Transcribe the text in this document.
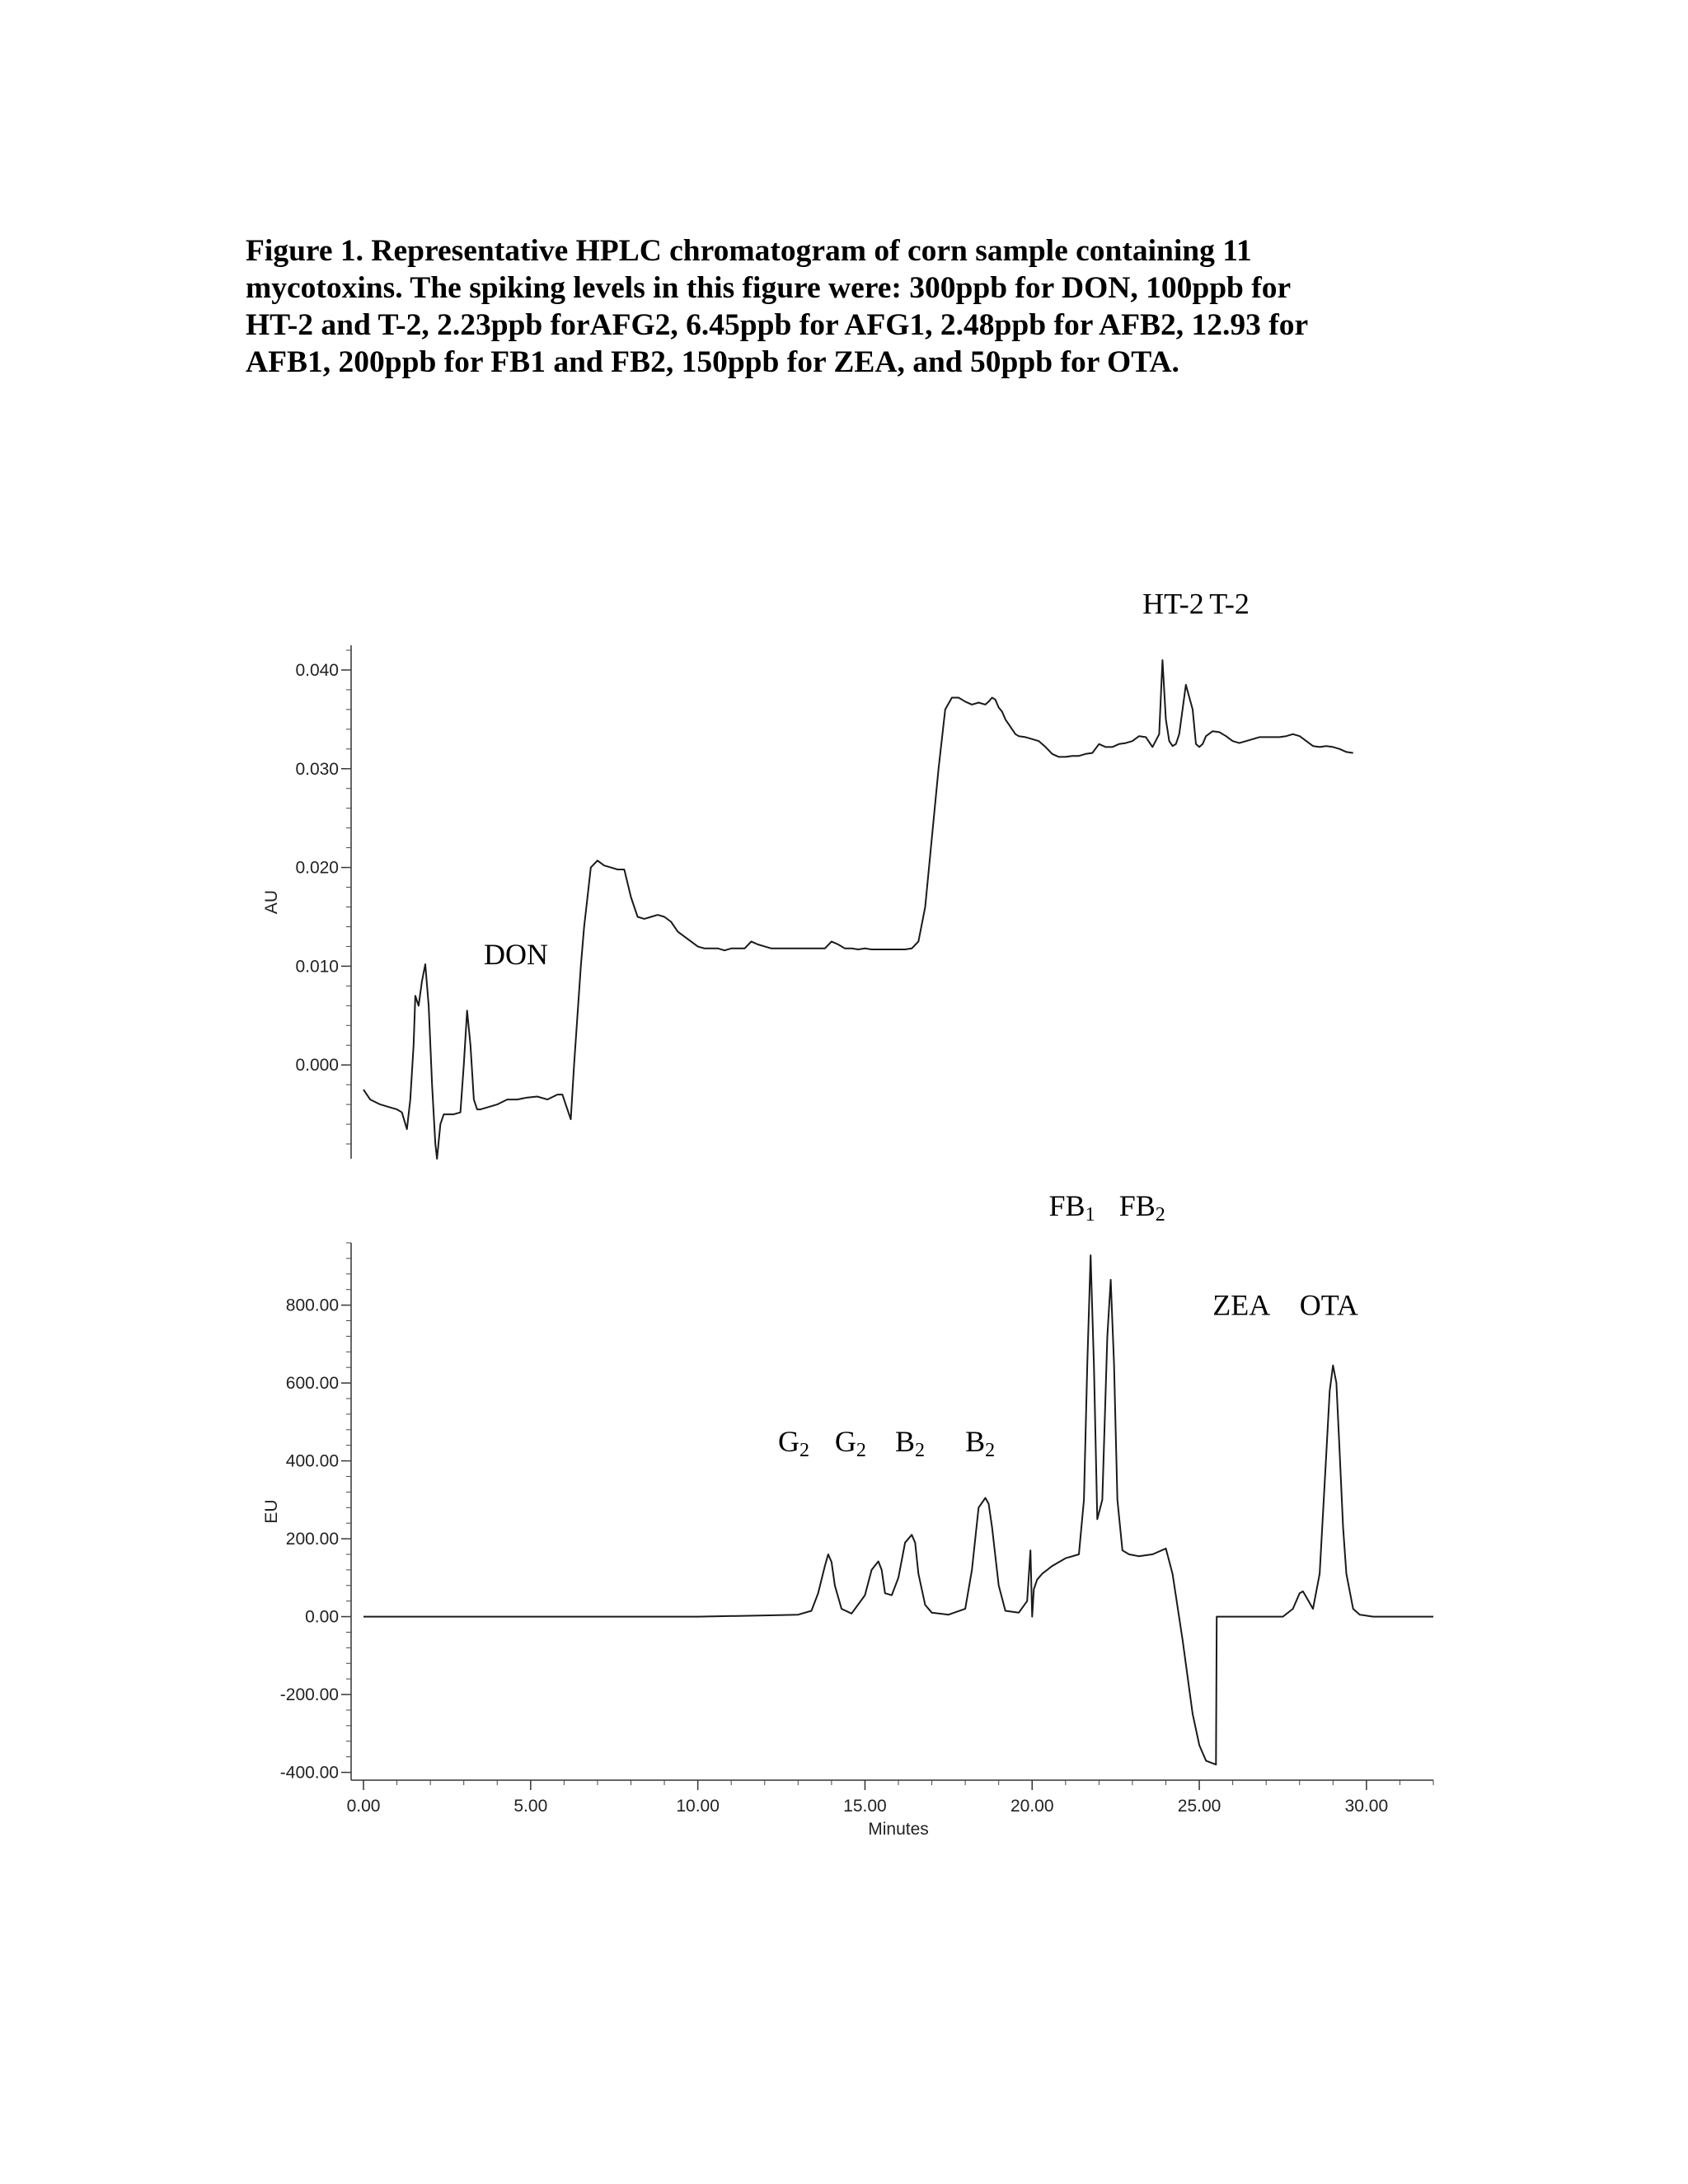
Figure 1. Representative HPLC chromatogram of corn sample containing 11
mycotoxins. The spiking levels in this figure were: 300ppb for DON, 100ppb for
HT-2 and T-2, 2.23ppb forAFG2, 6.45ppb for AFG1, 2.48ppb for AFB2, 12.93 for
AFB1, 200ppb for FB1 and FB2, 150ppb for ZEA, and 50ppb for OTA.
0.000
0.010
0.020
0.030
0.040
AU
DON
HT-2 T-2
-400.00
-200.00
0.00
200.00
400.00
600.00
800.00
EU
0.00	5.00	10.00	15.00	20.00	25.00	30.00
Minutes
G2 G2 B2 B2
FB1 FB2
ZEA OTA
